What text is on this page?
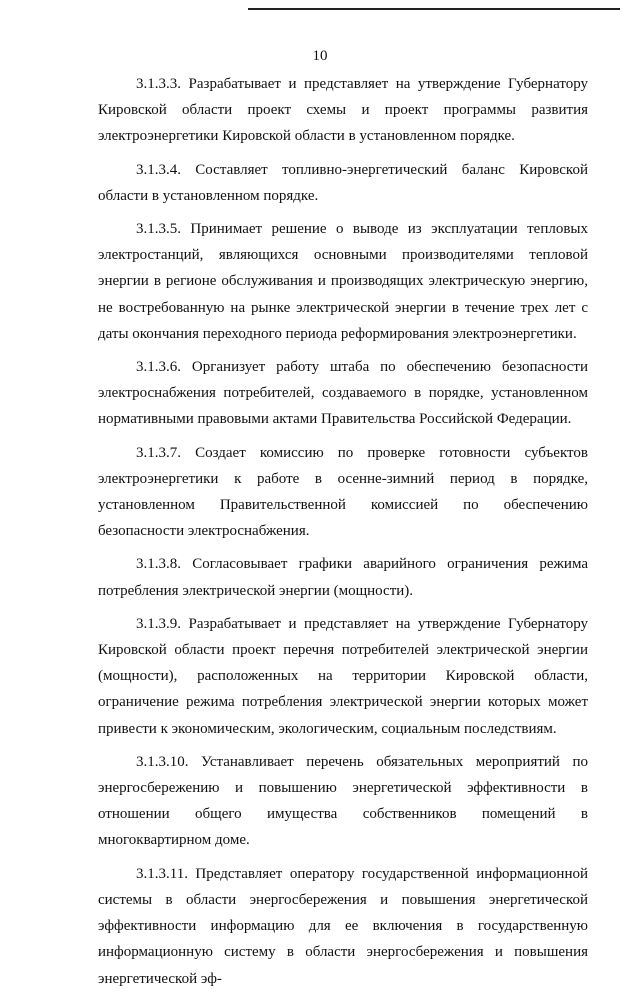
10

3.1.3.3. Разрабатывает и представляет на утверждение Губернатору Кировской области проект схемы и проект программы развития электроэнергетики Кировской области в установленном порядке.

3.1.3.4. Составляет топливно-энергетический баланс Кировской области в установленном порядке.

3.1.3.5. Принимает решение о выводе из эксплуатации тепловых электростанций, являющихся основными производителями тепловой энергии в регионе обслуживания и производящих электрическую энергию, не востребованную на рынке электрической энергии в течение трех лет с даты окончания переходного периода реформирования электроэнергетики.

3.1.3.6. Организует работу штаба по обеспечению безопасности электроснабжения потребителей, создаваемого в порядке, установленном нормативными правовыми актами Правительства Российской Федерации.

3.1.3.7. Создает комиссию по проверке готовности субъектов электроэнергетики к работе в осенне-зимний период в порядке, установленном Правительственной комиссией по обеспечению безопасности электроснабжения.

3.1.3.8. Согласовывает графики аварийного ограничения режима потребления электрической энергии (мощности).

3.1.3.9. Разрабатывает и представляет на утверждение Губернатору Кировской области проект перечня потребителей электрической энергии (мощности), расположенных на территории Кировской области, ограничение режима потребления электрической энергии которых может привести к экономическим, экологическим, социальным последствиям.

3.1.3.10. Устанавливает перечень обязательных мероприятий по энергосбережению и повышению энергетической эффективности в отношении общего имущества собственников помещений в многоквартирном доме.

3.1.3.11. Представляет оператору государственной информационной системы в области энергосбережения и повышения энергетической эффективности информацию для ее включения в государственную информационную систему в области энергосбережения и повышения энергетической эф-
